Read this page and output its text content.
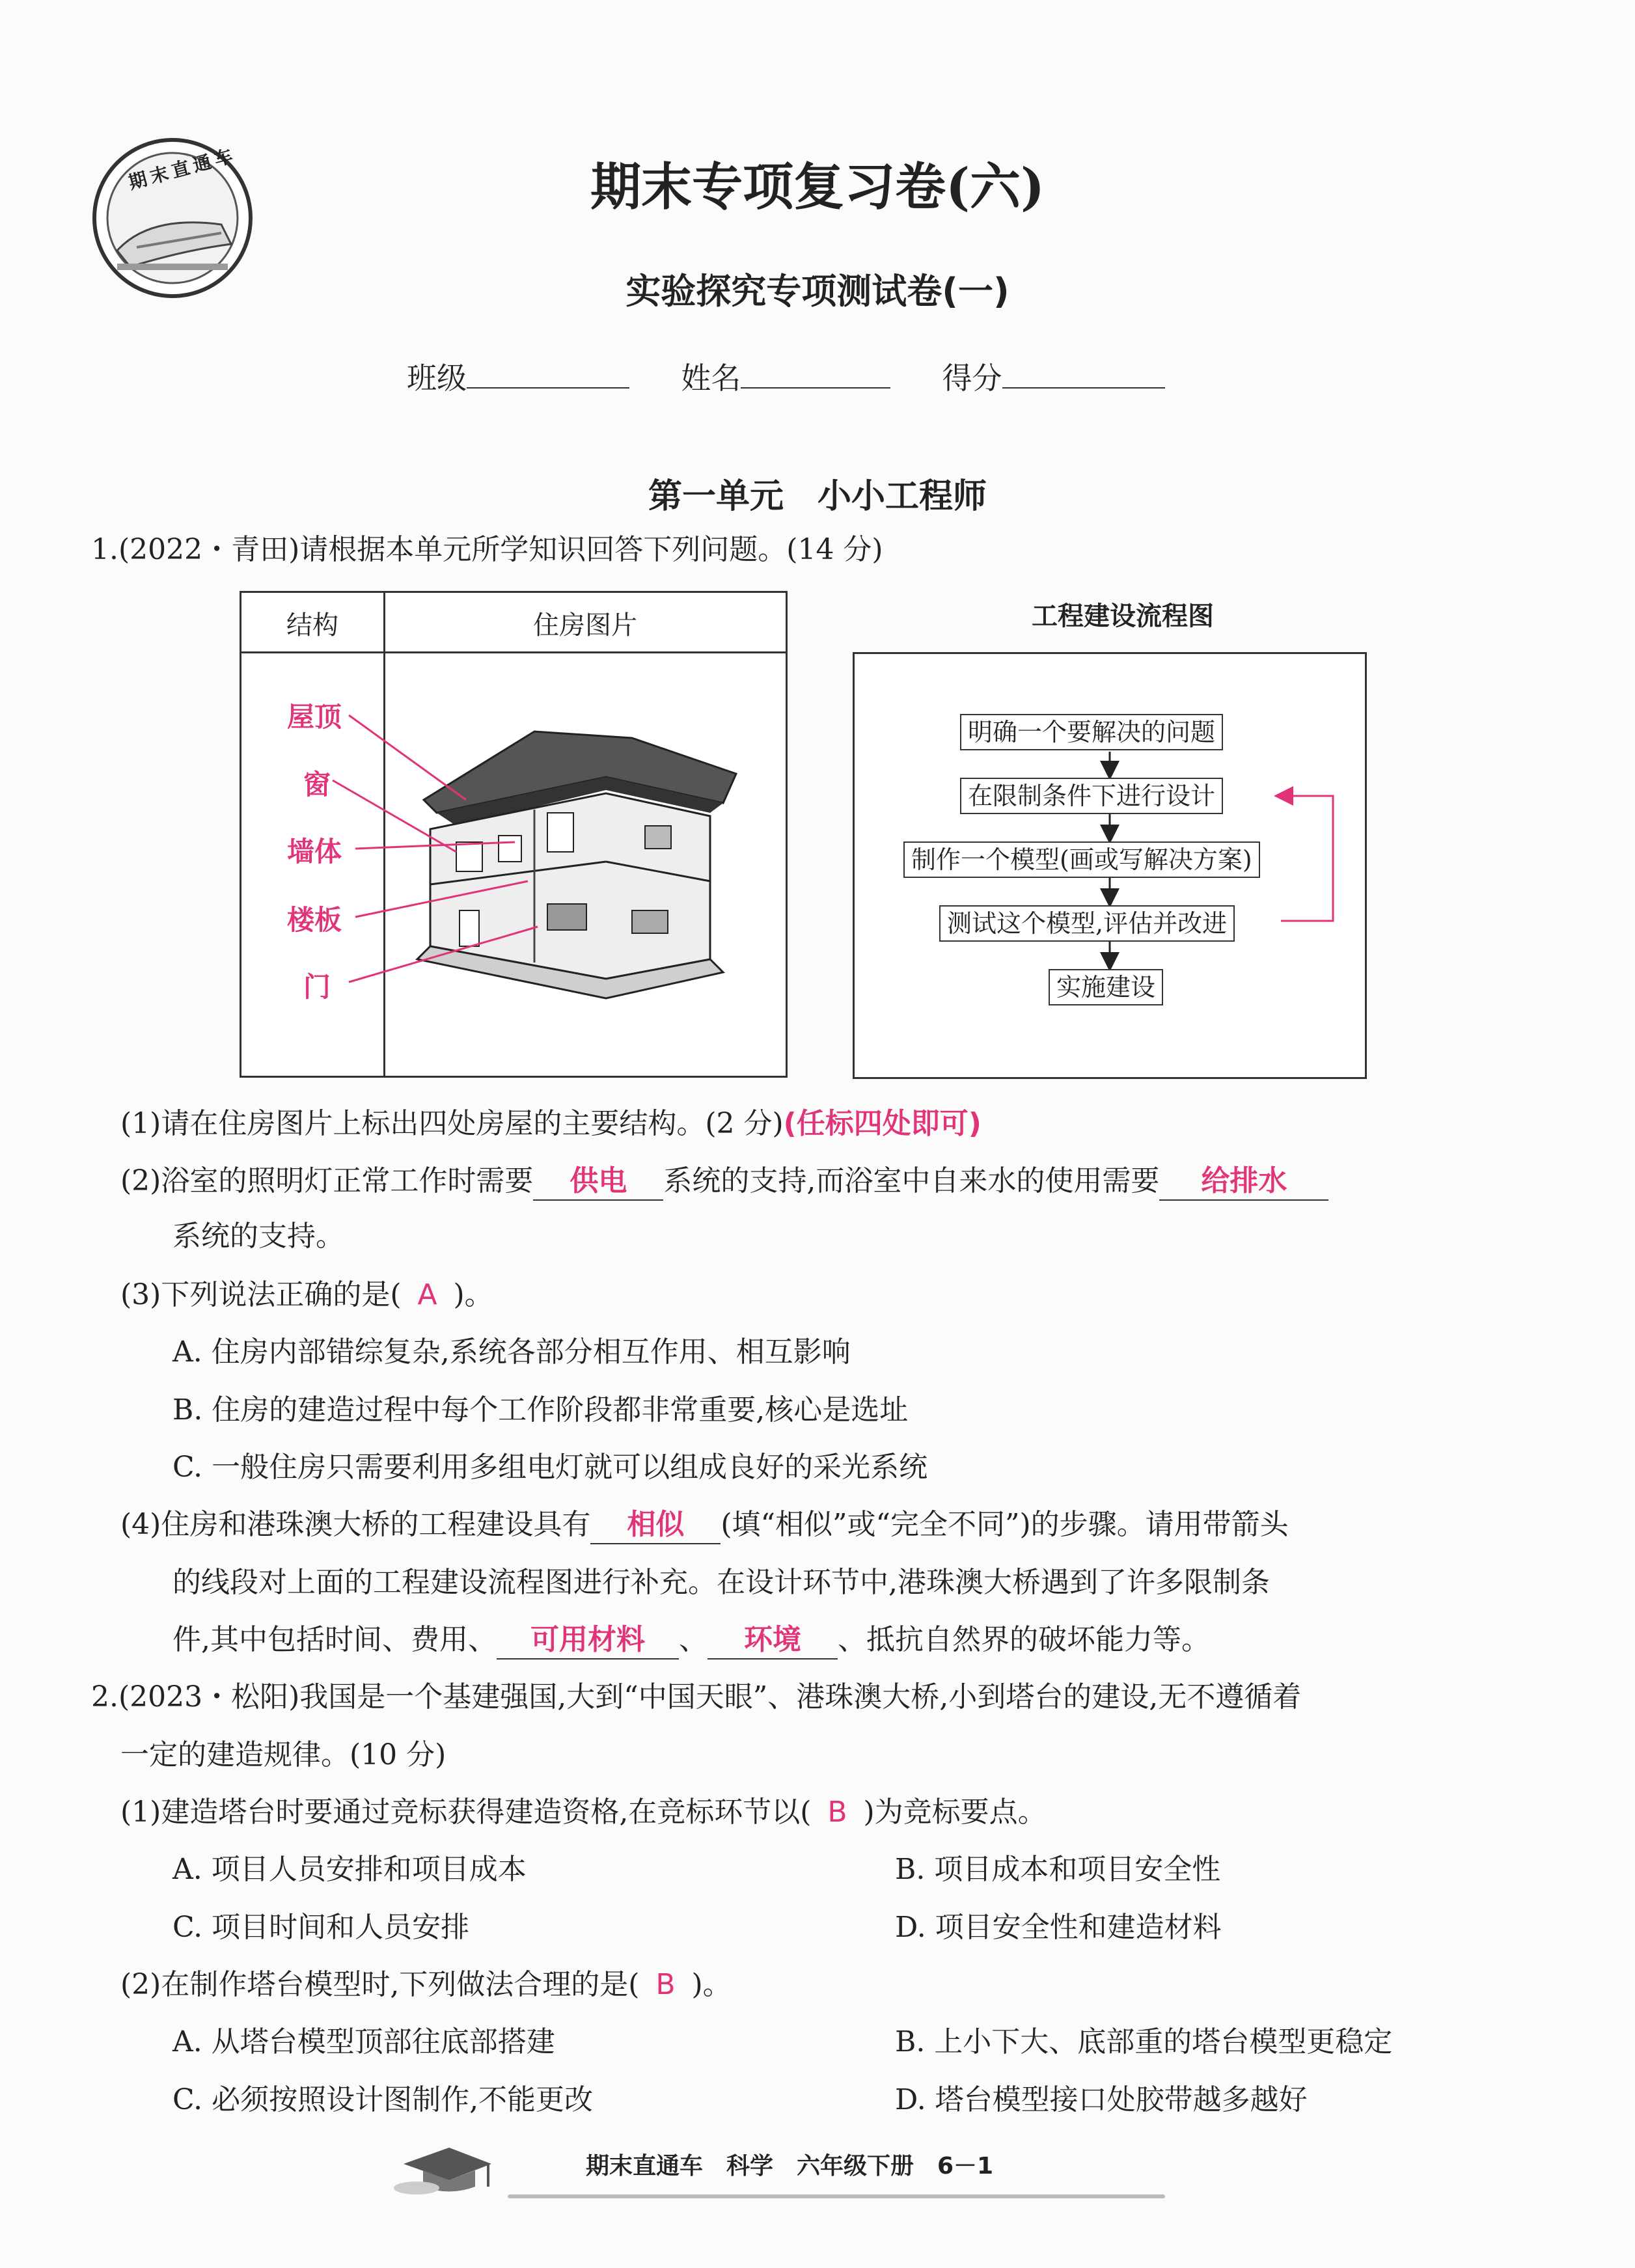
期末直通车	期末专项复习卷(六)
实验探究专项测试卷(一)
班级	姓名	得分
第一单元　小小工程师
1.(2022・青田)请根据本单元所学知识回答下列问题。(14 分)
结构	住房图片
屋顶
窗
墙体
楼板
门
工程建设流程图
明确一个要解决的问题
在限制条件下进行设计
制作一个模型(画或写解决方案)
测试这个模型,评估并改进
实施建设
(1)请在住房图片上标出四处房屋的主要结构。(2 分)(任标四处即可)
(2)浴室的照明灯正常工作时需要 供电 系统的支持,而浴室中自来水的使用需要 给排水
系统的支持。
(3)下列说法正确的是( A )。
A. 住房内部错综复杂,系统各部分相互作用、相互影响
B. 住房的建造过程中每个工作阶段都非常重要,核心是选址
C. 一般住房只需要利用多组电灯就可以组成良好的采光系统
(4)住房和港珠澳大桥的工程建设具有 相似 (填“相似”或“完全不同”)的步骤。请用带箭头
的线段对上面的工程建设流程图进行补充。在设计环节中,港珠澳大桥遇到了许多限制条
件,其中包括时间、费用、 可用材料 、 环境 、抵抗自然界的破坏能力等。
2.(2023・松阳)我国是一个基建强国,大到“中国天眼”、港珠澳大桥,小到塔台的建设,无不遵循着
一定的建造规律。(10 分)
(1)建造塔台时要通过竞标获得建造资格,在竞标环节以( B )为竞标要点。
A. 项目人员安排和项目成本	B. 项目成本和项目安全性
C. 项目时间和人员安排	D. 项目安全性和建造材料
(2)在制作塔台模型时,下列做法合理的是( B )。
A. 从塔台模型顶部往底部搭建	B. 上小下大、底部重的塔台模型更稳定
C. 必须按照设计图制作,不能更改	D. 塔台模型接口处胶带越多越好
期末直通车　科学　六年级下册　6－1
